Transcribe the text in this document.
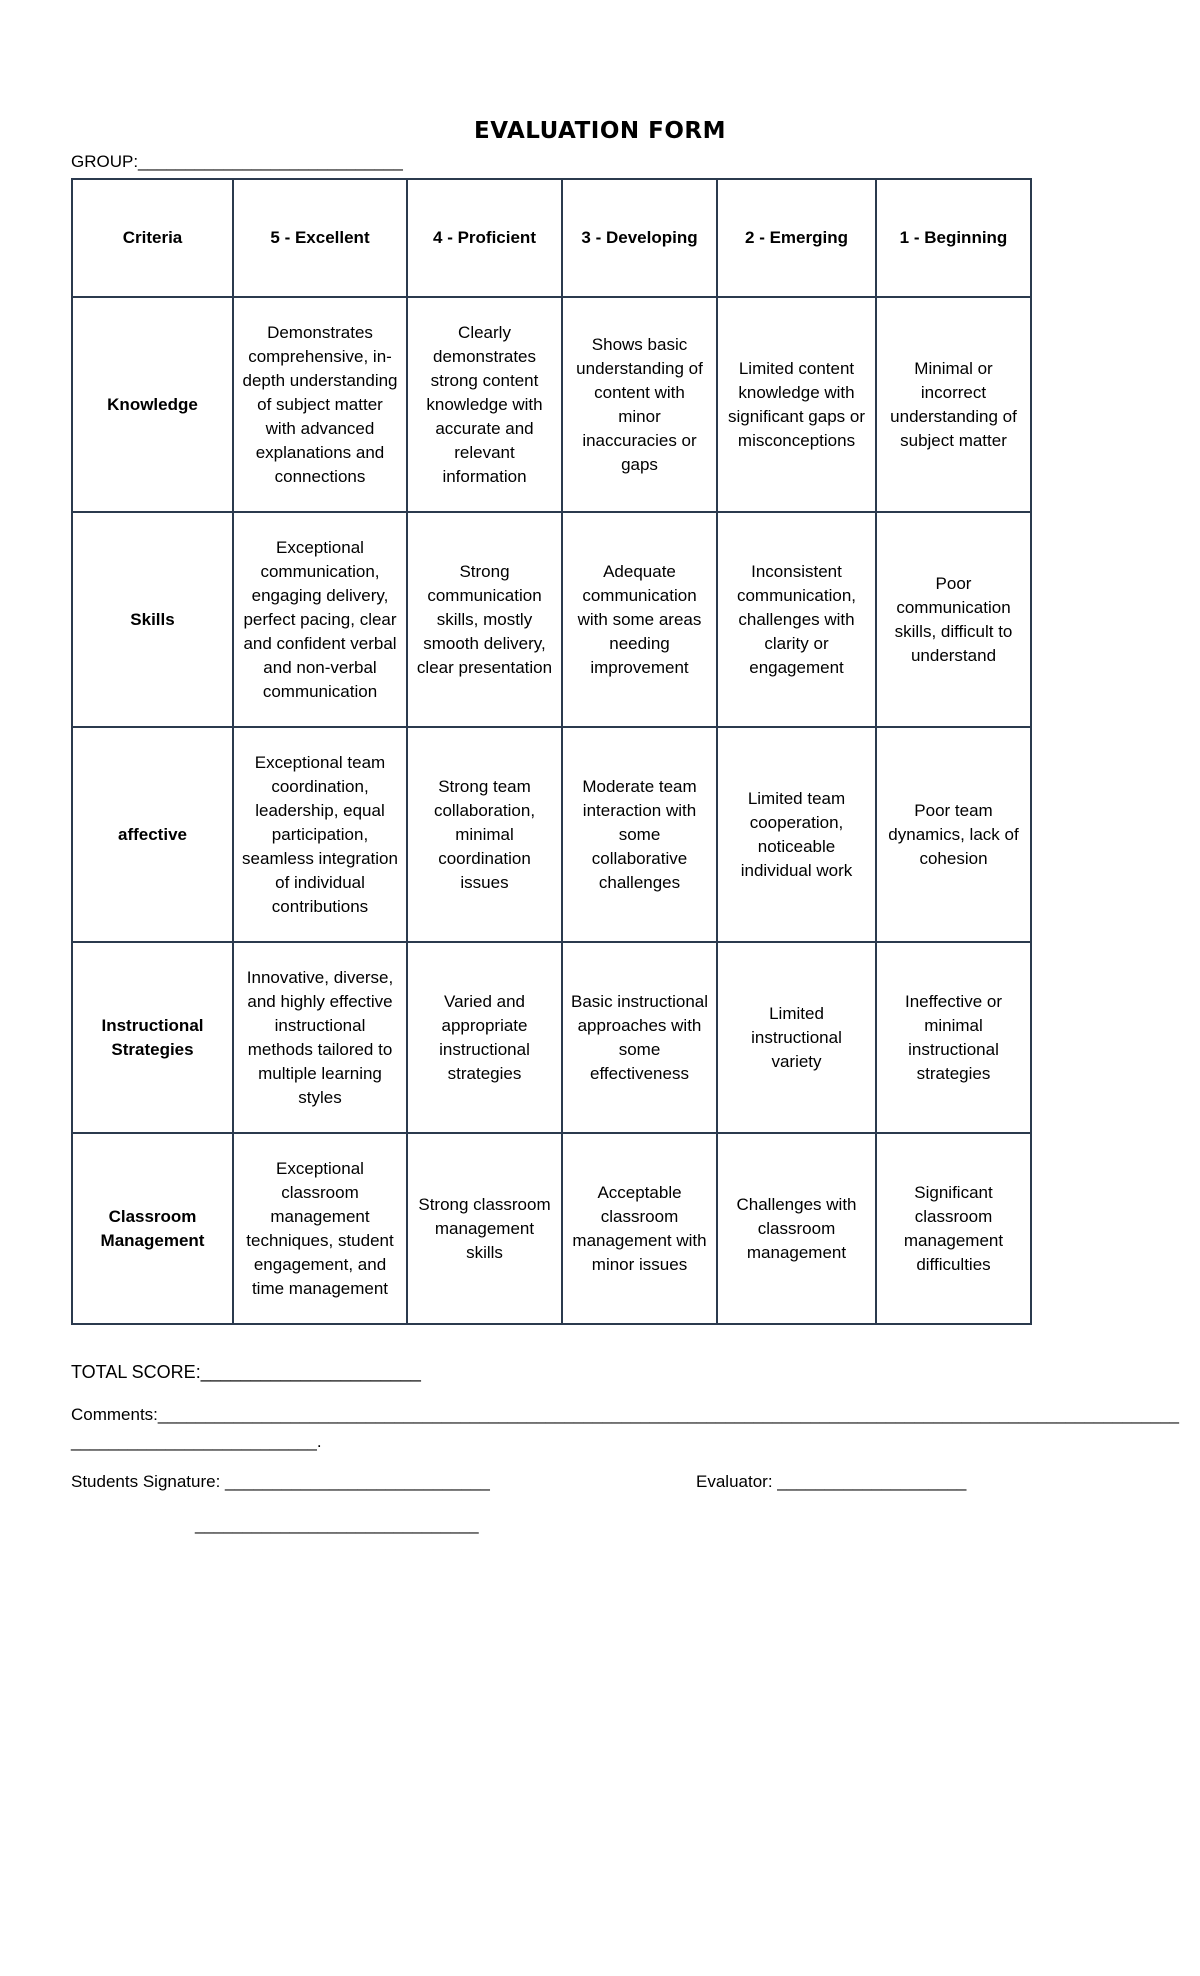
EVALUATION FORM
GROUP:____________________________
Criteria	5 - Excellent	4 - Proficient	3 - Developing	2 - Emerging	1 - Beginning
Knowledge	Demonstrates comprehensive, in-depth understanding of subject matter with advanced explanations and connections	Clearly demonstrates strong content knowledge with accurate and relevant information	Shows basic understanding of content with minor inaccuracies or gaps	Limited content knowledge with significant gaps or misconceptions	Minimal or incorrect understanding of subject matter
Skills	Exceptional communication, engaging delivery, perfect pacing, clear and confident verbal and non-verbal communication	Strong communication skills, mostly smooth delivery, clear presentation	Adequate communication with some areas needing improvement	Inconsistent communication, challenges with clarity or engagement	Poor communication skills, difficult to understand
affective	Exceptional team coordination, leadership, equal participation, seamless integration of individual contributions	Strong team collaboration, minimal coordination issues	Moderate team interaction with some collaborative challenges	Limited team cooperation, noticeable individual work	Poor team dynamics, lack of cohesion
Instructional Strategies	Innovative, diverse, and highly effective instructional methods tailored to multiple learning styles	Varied and appropriate instructional strategies	Basic instructional approaches with some effectiveness	Limited instructional variety	Ineffective or minimal instructional strategies
Classroom Management	Exceptional classroom management techniques, student engagement, and time management	Strong classroom management skills	Acceptable classroom management with minor issues	Challenges with classroom management	Significant classroom management difficulties
TOTAL SCORE:______________________
Comments:____________________________________________________________________________________________________________
__________________________.
Students Signature: ____________________________	Evaluator: ____________________
______________________________
